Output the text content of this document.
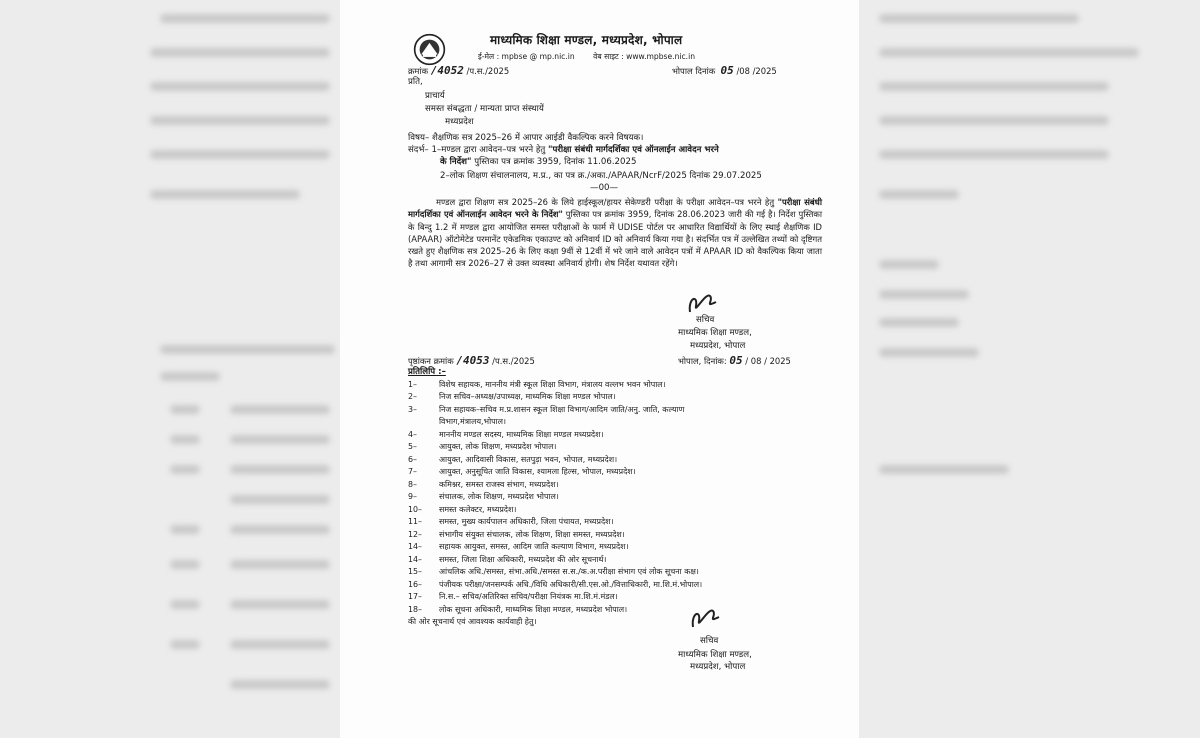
माध्यमिक शिक्षा मण्डल, मध्यप्रदेश, भोपाल
ई-मेल : mpbse @ mp.nic.in वेब साइट : www.mpbse.nic.in
क्रमांक /4052 /प.स./2025	भोपाल दिनांक 05 /08 /2025
प्रति,
प्राचार्य
समस्त संबद्धता / मान्यता प्राप्त संस्थायें
मध्यप्रदेश
विषय– शैक्षणिक सत्र 2025–26 में आपार आईडी वैकल्पिक करने विषयक।
संदर्भ– 1–मण्डल द्वारा आवेदन–पत्र भरने हेतु "परीक्षा संबंधी मार्गदर्शिका एवं ऑनलाईन आवेदन भरने
के निर्देश" पुस्तिका पत्र क्रमांक 3959, दिनांक 11.06.2025
2–लोक शिक्षण संचालनालय, म.प्र., का पत्र क्र./अका./APAAR/NcrF/2025 दिनांक 29.07.2025
—00—
मण्डल द्वारा शिक्षण सत्र 2025–26 के लिये हाईस्कूल/हायर सेकेण्डरी परीक्षा के परीक्षा आवेदन–पत्र भरने हेतु "परीक्षा संबंधी मार्गदर्शिका एवं ऑनलाईन आवेदन भरने के निर्देश" पुस्तिका पत्र क्रमांक 3959, दिनांक 28.06.2023 जारी की गई है। निर्देश पुस्तिका के बिन्दु 1.2 में मण्डल द्वारा आयोजित समस्त परीक्षाओं के फार्म में UDISE पोर्टल पर आधारित विद्यार्थियों के लिए स्थाई शैक्षणिक ID (APAAR) ऑटोमेटेड परमानेंट एकेडमिक एकाउण्ट को अनिवार्य ID को अनिवार्य किया गया है। संदर्भित पत्र में उल्लेखित तथ्यों को दृष्टिगत रखते हुए शैक्षणिक सत्र 2025–26 के लिए कक्षा 9वीं से 12वीं में भरे जाने वाले आवेदन पत्रों में APAAR ID को वैकल्पिक किया जाता है तथा आगामी सत्र 2026–27 से उक्त व्यवस्था अनिवार्य होगी। शेष निर्देश यथावत रहेंगे।
सचिव
माध्यमिक शिक्षा मण्डल,
मध्यप्रदेश, भोपाल
पृष्ठांकन क्रमांक /4053 /प.स./2025	भोपाल, दिनांक: 05 / 08 / 2025
प्रतिलिपि :–
1–	विशेष सहायक, माननीय मंत्री स्कूल शिक्षा विभाग, मंत्रालय वल्लभ भवन भोपाल।
2–	निज सचिव–अध्यक्ष/उपाध्यक्ष, माध्यमिक शिक्षा मण्डल भोपाल।
3–	निज सहायक–सचिव म.प्र.शासन स्कूल शिक्षा विभाग/आदिम जाति/अनु. जाति, कल्याण
विभाग,मंत्रालय,भोपाल।
4–	माननीय मण्डल सदस्य, माध्यमिक शिक्षा मण्डल मध्यप्रदेश।
5–	आयुक्त, लोक शिक्षण, मध्यप्रदेश भोपाल।
6–	आयुक्त, आदिवासी विकास, सतपुड़ा भवन, भोपाल, मध्यप्रदेश।
7–	आयुक्त, अनुसूचित जाति विकास, श्यामला हिल्स, भोपाल, मध्यप्रदेश।
8–	कमिश्नर, समस्त राजस्व संभाग, मध्यप्रदेश।
9–	संचालक, लोक शिक्षण, मध्यप्रदेश भोपाल।
10–	समस्त कलेक्टर, मध्यप्रदेश।
11–	समस्त, मुख्य कार्यपालन अधिकारी, जिला पंचायत, मध्यप्रदेश।
12–	संभागीय संयुक्त संचालक, लोक शिक्षण, शिक्षा समस्त, मध्यप्रदेश।
14–	सहायक आयुक्त, समस्त, आदिम जाति कल्याण विभाग, मध्यप्रदेश।
14–	समस्त, जिला शिक्षा अधिकारी, मध्यप्रदेश की ओर सूचनार्थ।
15–	आंचलिक अधि./समस्त, संभा.अधि./समस्त स.स./क.अ.परीक्षा संभाग एवं लोक सूचना कक्ष।
16–	पंजीयक परीक्षा/जनसम्पर्क अधि./विधि अधिकारी/सी.एस.ओ./वित्ताधिकारी, मा.शि.मं.भोपाल।
17–	नि.स.– सचिव/अतिरिक्त सचिव/परीक्षा नियंत्रक मा.शि.मं.मंडल।
18–	लोक सूचना अधिकारी, माध्यमिक शिक्षा मण्डल, मध्यप्रदेश भोपाल।
की ओर सूचनार्थ एवं आवश्यक कार्यवाही हेतु।
सचिव
माध्यमिक शिक्षा मण्डल,
मध्यप्रदेश, भोपाल
